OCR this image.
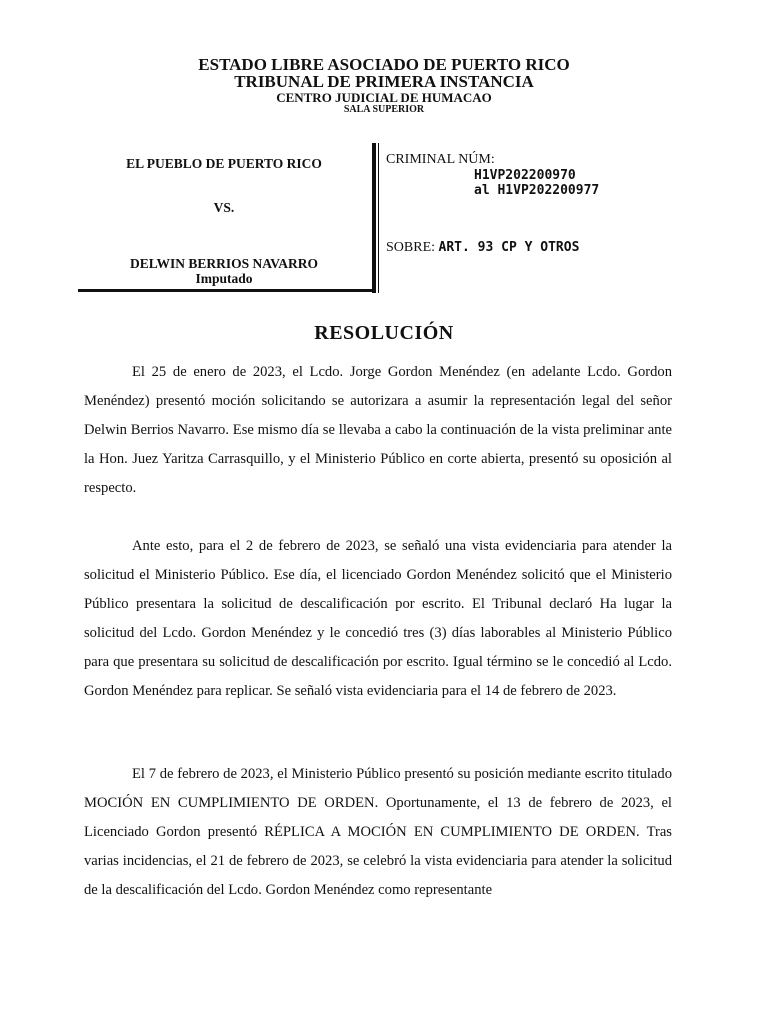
ESTADO LIBRE ASOCIADO DE PUERTO RICO
TRIBUNAL DE PRIMERA INSTANCIA
CENTRO JUDICIAL DE HUMACAO
SALA SUPERIOR
EL PUEBLO DE PUERTO RICO
VS.
DELWIN BERRIOS NAVARRO
Imputado
CRIMINAL NÚM:
H1VP202200970
al H1VP202200977
SOBRE: ART. 93 CP Y OTROS
RESOLUCIÓN

El 25 de enero de 2023, el Lcdo. Jorge Gordon Menéndez (en adelante Lcdo. Gordon Menéndez) presentó moción solicitando se autorizara a asumir la representación legal del señor Delwin Berrios Navarro. Ese mismo día se llevaba a cabo la continuación de la vista preliminar ante la Hon. Juez Yaritza Carrasquillo, y el Ministerio Público en corte abierta, presentó su oposición al respecto.

Ante esto, para el 2 de febrero de 2023, se señaló una vista evidenciaria para atender la solicitud el Ministerio Público. Ese día, el licenciado Gordon Menéndez solicitó que el Ministerio Público presentara la solicitud de descalificación por escrito. El Tribunal declaró Ha lugar la solicitud del Lcdo. Gordon Menéndez y le concedió tres (3) días laborables al Ministerio Público para que presentara su solicitud de descalificación por escrito. Igual término se le concedió al Lcdo. Gordon Menéndez para replicar. Se señaló vista evidenciaria para el 14 de febrero de 2023.

El 7 de febrero de 2023, el Ministerio Público presentó su posición mediante escrito titulado MOCIÓN EN CUMPLIMIENTO DE ORDEN. Oportunamente, el 13 de febrero de 2023, el Licenciado Gordon presentó RÉPLICA A MOCIÓN EN CUMPLIMIENTO DE ORDEN. Tras varias incidencias, el 21 de febrero de 2023, se celebró la vista evidenciaria para atender la solicitud de la descalificación del Lcdo. Gordon Menéndez como representante
